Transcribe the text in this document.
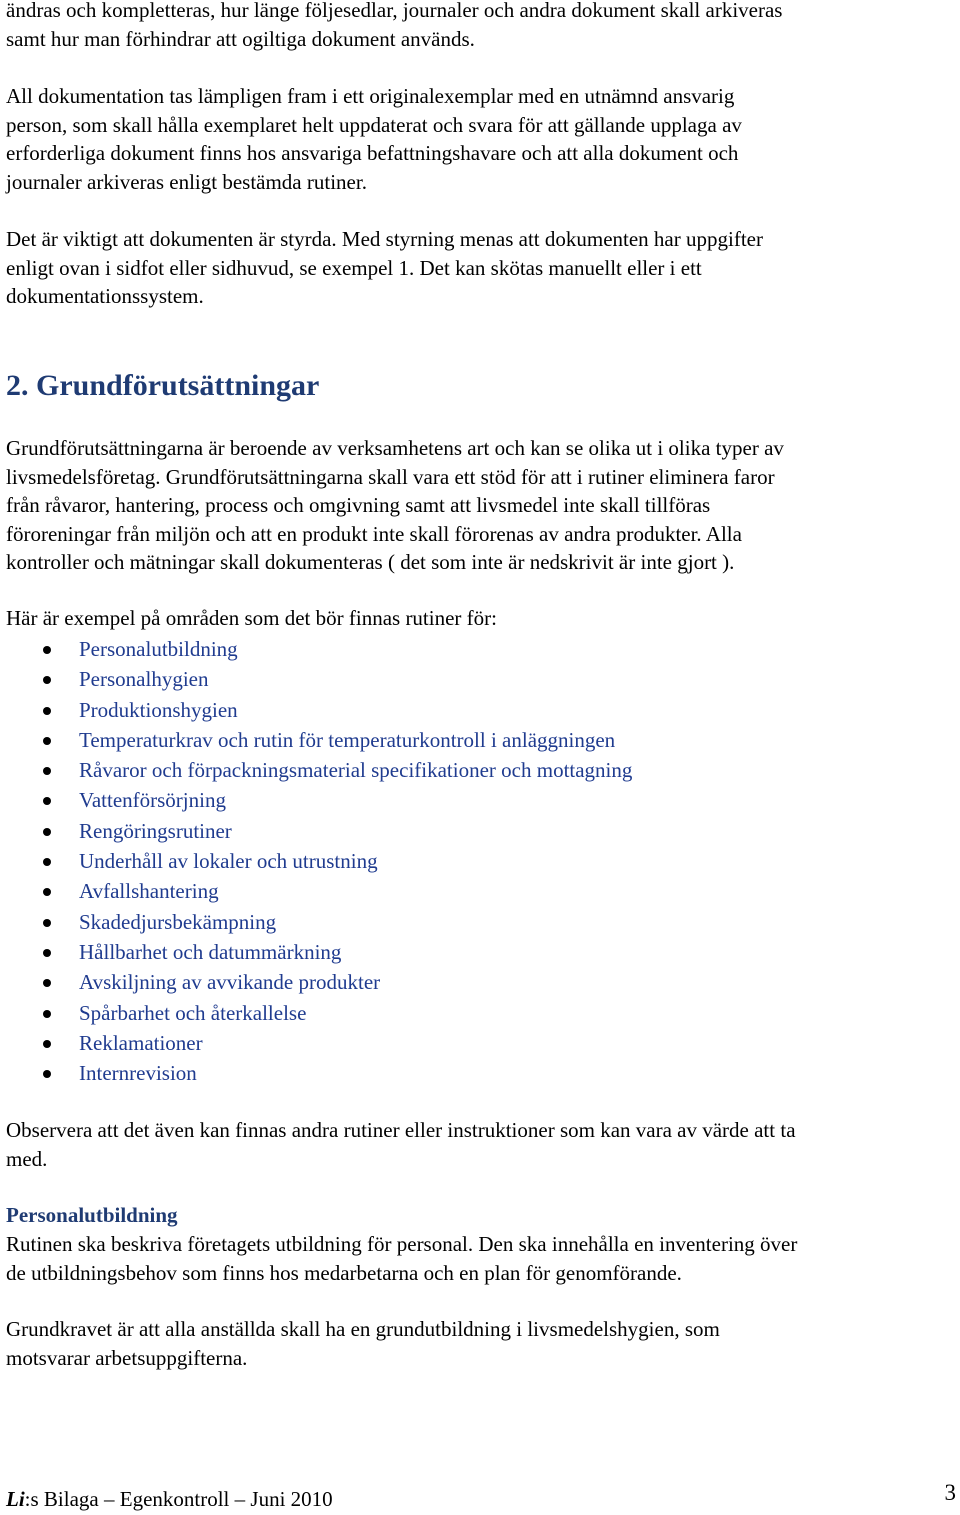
ändras och kompletteras, hur länge följesedlar, journaler och andra dokument skall arkiveras
samt hur man förhindrar att ogiltiga dokument används.

All dokumentation tas lämpligen fram i ett originalexemplar med en utnämnd ansvarig
person, som skall hålla exemplaret helt uppdaterat och svara för att gällande upplaga av
erforderliga dokument finns hos ansvariga befattningshavare och att alla dokument och
journaler arkiveras enligt bestämda rutiner.

Det är viktigt att dokumenten är styrda. Med styrning menas att dokumenten har uppgifter
enligt ovan i sidfot eller sidhuvud, se exempel 1. Det kan skötas manuellt eller i ett
dokumentationssystem.

2. Grundförutsättningar

Grundförutsättningarna är beroende av verksamhetens art och kan se olika ut i olika typer av
livsmedelsföretag. Grundförutsättningarna skall vara ett stöd för att i rutiner eliminera faror
från råvaror, hantering, process och omgivning samt att livsmedel inte skall tillföras
föroreningar från miljön och att en produkt inte skall förorenas av andra produkter. Alla
kontroller och mätningar skall dokumenteras ( det som inte är nedskrivit är inte gjort ).

Här är exempel på områden som det bör finnas rutiner för:

Personalutbildning
Personalhygien
Produktionshygien
Temperaturkrav och rutin för temperaturkontroll i anläggningen
Råvaror och förpackningsmaterial specifikationer och mottagning
Vattenförsörjning
Rengöringsrutiner
Underhåll av lokaler och utrustning
Avfallshantering
Skadedjursbekämpning
Hållbarhet och datummärkning
Avskiljning av avvikande produkter
Spårbarhet och återkallelse
Reklamationer
Internrevision

Observera att det även kan finnas andra rutiner eller instruktioner som kan vara av värde att ta
med.

Personalutbildning

Rutinen ska beskriva företagets utbildning för personal. Den ska innehålla en inventering över
de utbildningsbehov som finns hos medarbetarna och en plan för genomförande.

Grundkravet är att alla anställda skall ha en grundutbildning i livsmedelshygien, som
motsvarar arbetsuppgifterna.

Li:s Bilaga – Egenkontroll – Juni 2010	3
